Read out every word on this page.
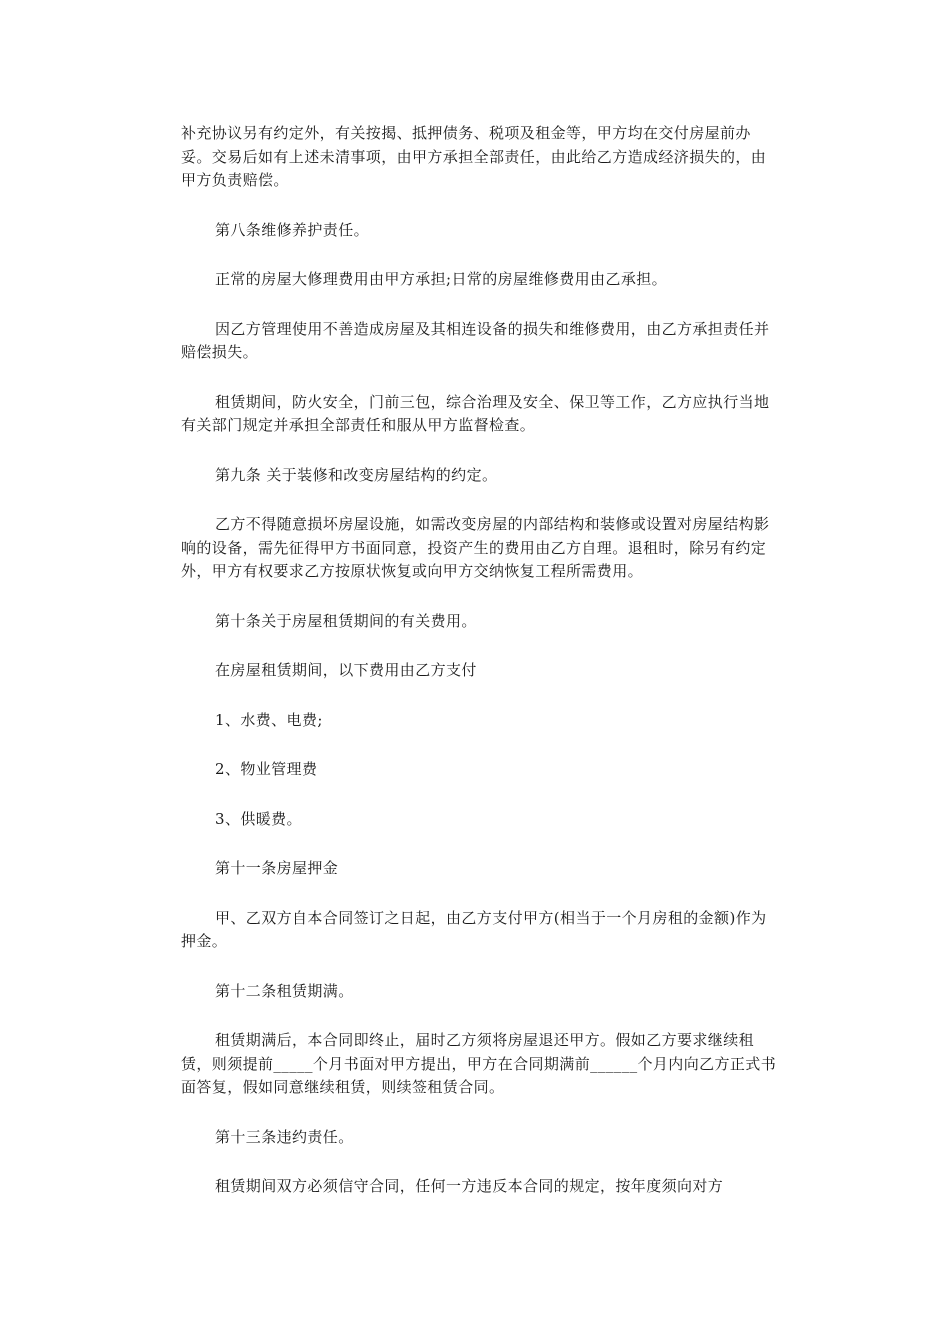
补充协议另有约定外，有关按揭、抵押债务、税项及租金等，甲方均在交付房屋前办妥。交易后如有上述未清事项，由甲方承担全部责任，由此给乙方造成经济损失的，由甲方负责赔偿。

第八条维修养护责任。

正常的房屋大修理费用由甲方承担;日常的房屋维修费用由乙承担。

因乙方管理使用不善造成房屋及其相连设备的损失和维修费用，由乙方承担责任并赔偿损失。

租赁期间，防火安全，门前三包，综合治理及安全、保卫等工作，乙方应执行当地有关部门规定并承担全部责任和服从甲方监督检查。

第九条 关于装修和改变房屋结构的约定。

乙方不得随意损坏房屋设施，如需改变房屋的内部结构和装修或设置对房屋结构影响的设备，需先征得甲方书面同意，投资产生的费用由乙方自理。退租时，除另有约定外，甲方有权要求乙方按原状恢复或向甲方交纳恢复工程所需费用。

第十条关于房屋租赁期间的有关费用。

在房屋租赁期间，以下费用由乙方支付

1、水费、电费;

2、物业管理费

3、供暖费。

第十一条房屋押金

甲、乙双方自本合同签订之日起，由乙方支付甲方(相当于一个月房租的金额)作为押金。

第十二条租赁期满。

租赁期满后，本合同即终止，届时乙方须将房屋退还甲方。假如乙方要求继续租赁，则须提前_____个月书面对甲方提出，甲方在合同期满前______个月内向乙方正式书面答复，假如同意继续租赁，则续签租赁合同。

第十三条违约责任。

租赁期间双方必须信守合同，任何一方违反本合同的规定，按年度须向对方
